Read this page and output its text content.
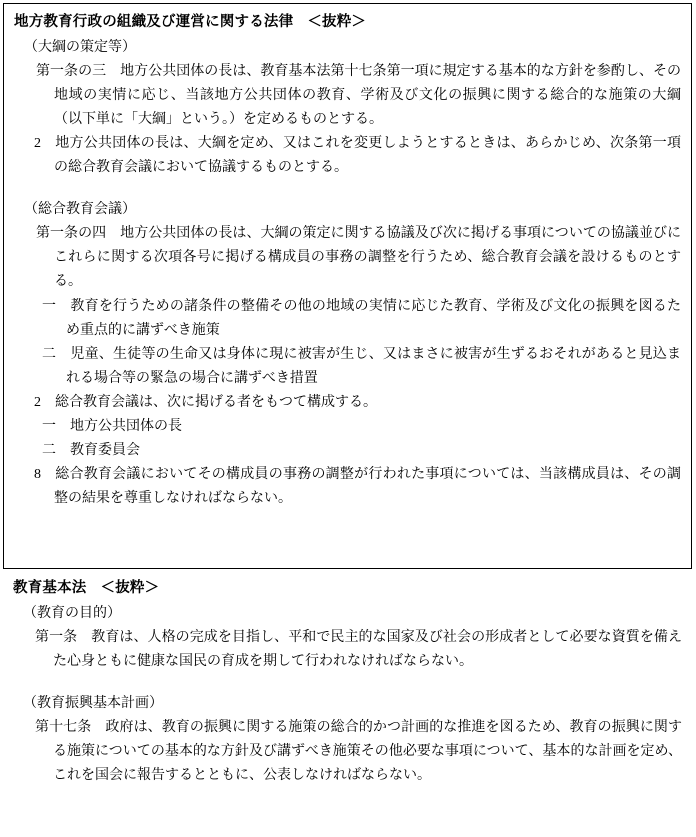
地方教育行政の組織及び運営に関する法律 ＜抜粋＞
（大綱の策定等）
第一条の三 地方公共団体の長は、教育基本法第十七条第一項に規定する基本的な方針を参酌し、その地域の実情に応じ、当該地方公共団体の教育、学術及び文化の振興に関する総合的な施策の大綱（以下単に「大綱」という。）を定めるものとする。
2 地方公共団体の長は、大綱を定め、又はこれを変更しようとするときは、あらかじめ、次条第一項の総合教育会議において協議するものとする。
（総合教育会議）
第一条の四 地方公共団体の長は、大綱の策定に関する協議及び次に掲げる事項についての協議並びにこれらに関する次項各号に掲げる構成員の事務の調整を行うため、総合教育会議を設けるものとする。
一 教育を行うための諸条件の整備その他の地域の実情に応じた教育、学術及び文化の振興を図るため重点的に講ずべき施策
二 児童、生徒等の生命又は身体に現に被害が生じ、又はまさに被害が生ずるおそれがあると見込まれる場合等の緊急の場合に講ずべき措置
2 総合教育会議は、次に掲げる者をもつて構成する。
一 地方公共団体の長
二 教育委員会
8 総合教育会議においてその構成員の事務の調整が行われた事項については、当該構成員は、その調整の結果を尊重しなければならない。
教育基本法 ＜抜粋＞
（教育の目的）
第一条 教育は、人格の完成を目指し、平和で民主的な国家及び社会の形成者として必要な資質を備えた心身ともに健康な国民の育成を期して行われなければならない。
（教育振興基本計画）
第十七条 政府は、教育の振興に関する施策の総合的かつ計画的な推進を図るため、教育の振興に関する施策についての基本的な方針及び講ずべき施策その他必要な事項について、基本的な計画を定め、これを国会に報告するとともに、公表しなければならない。
